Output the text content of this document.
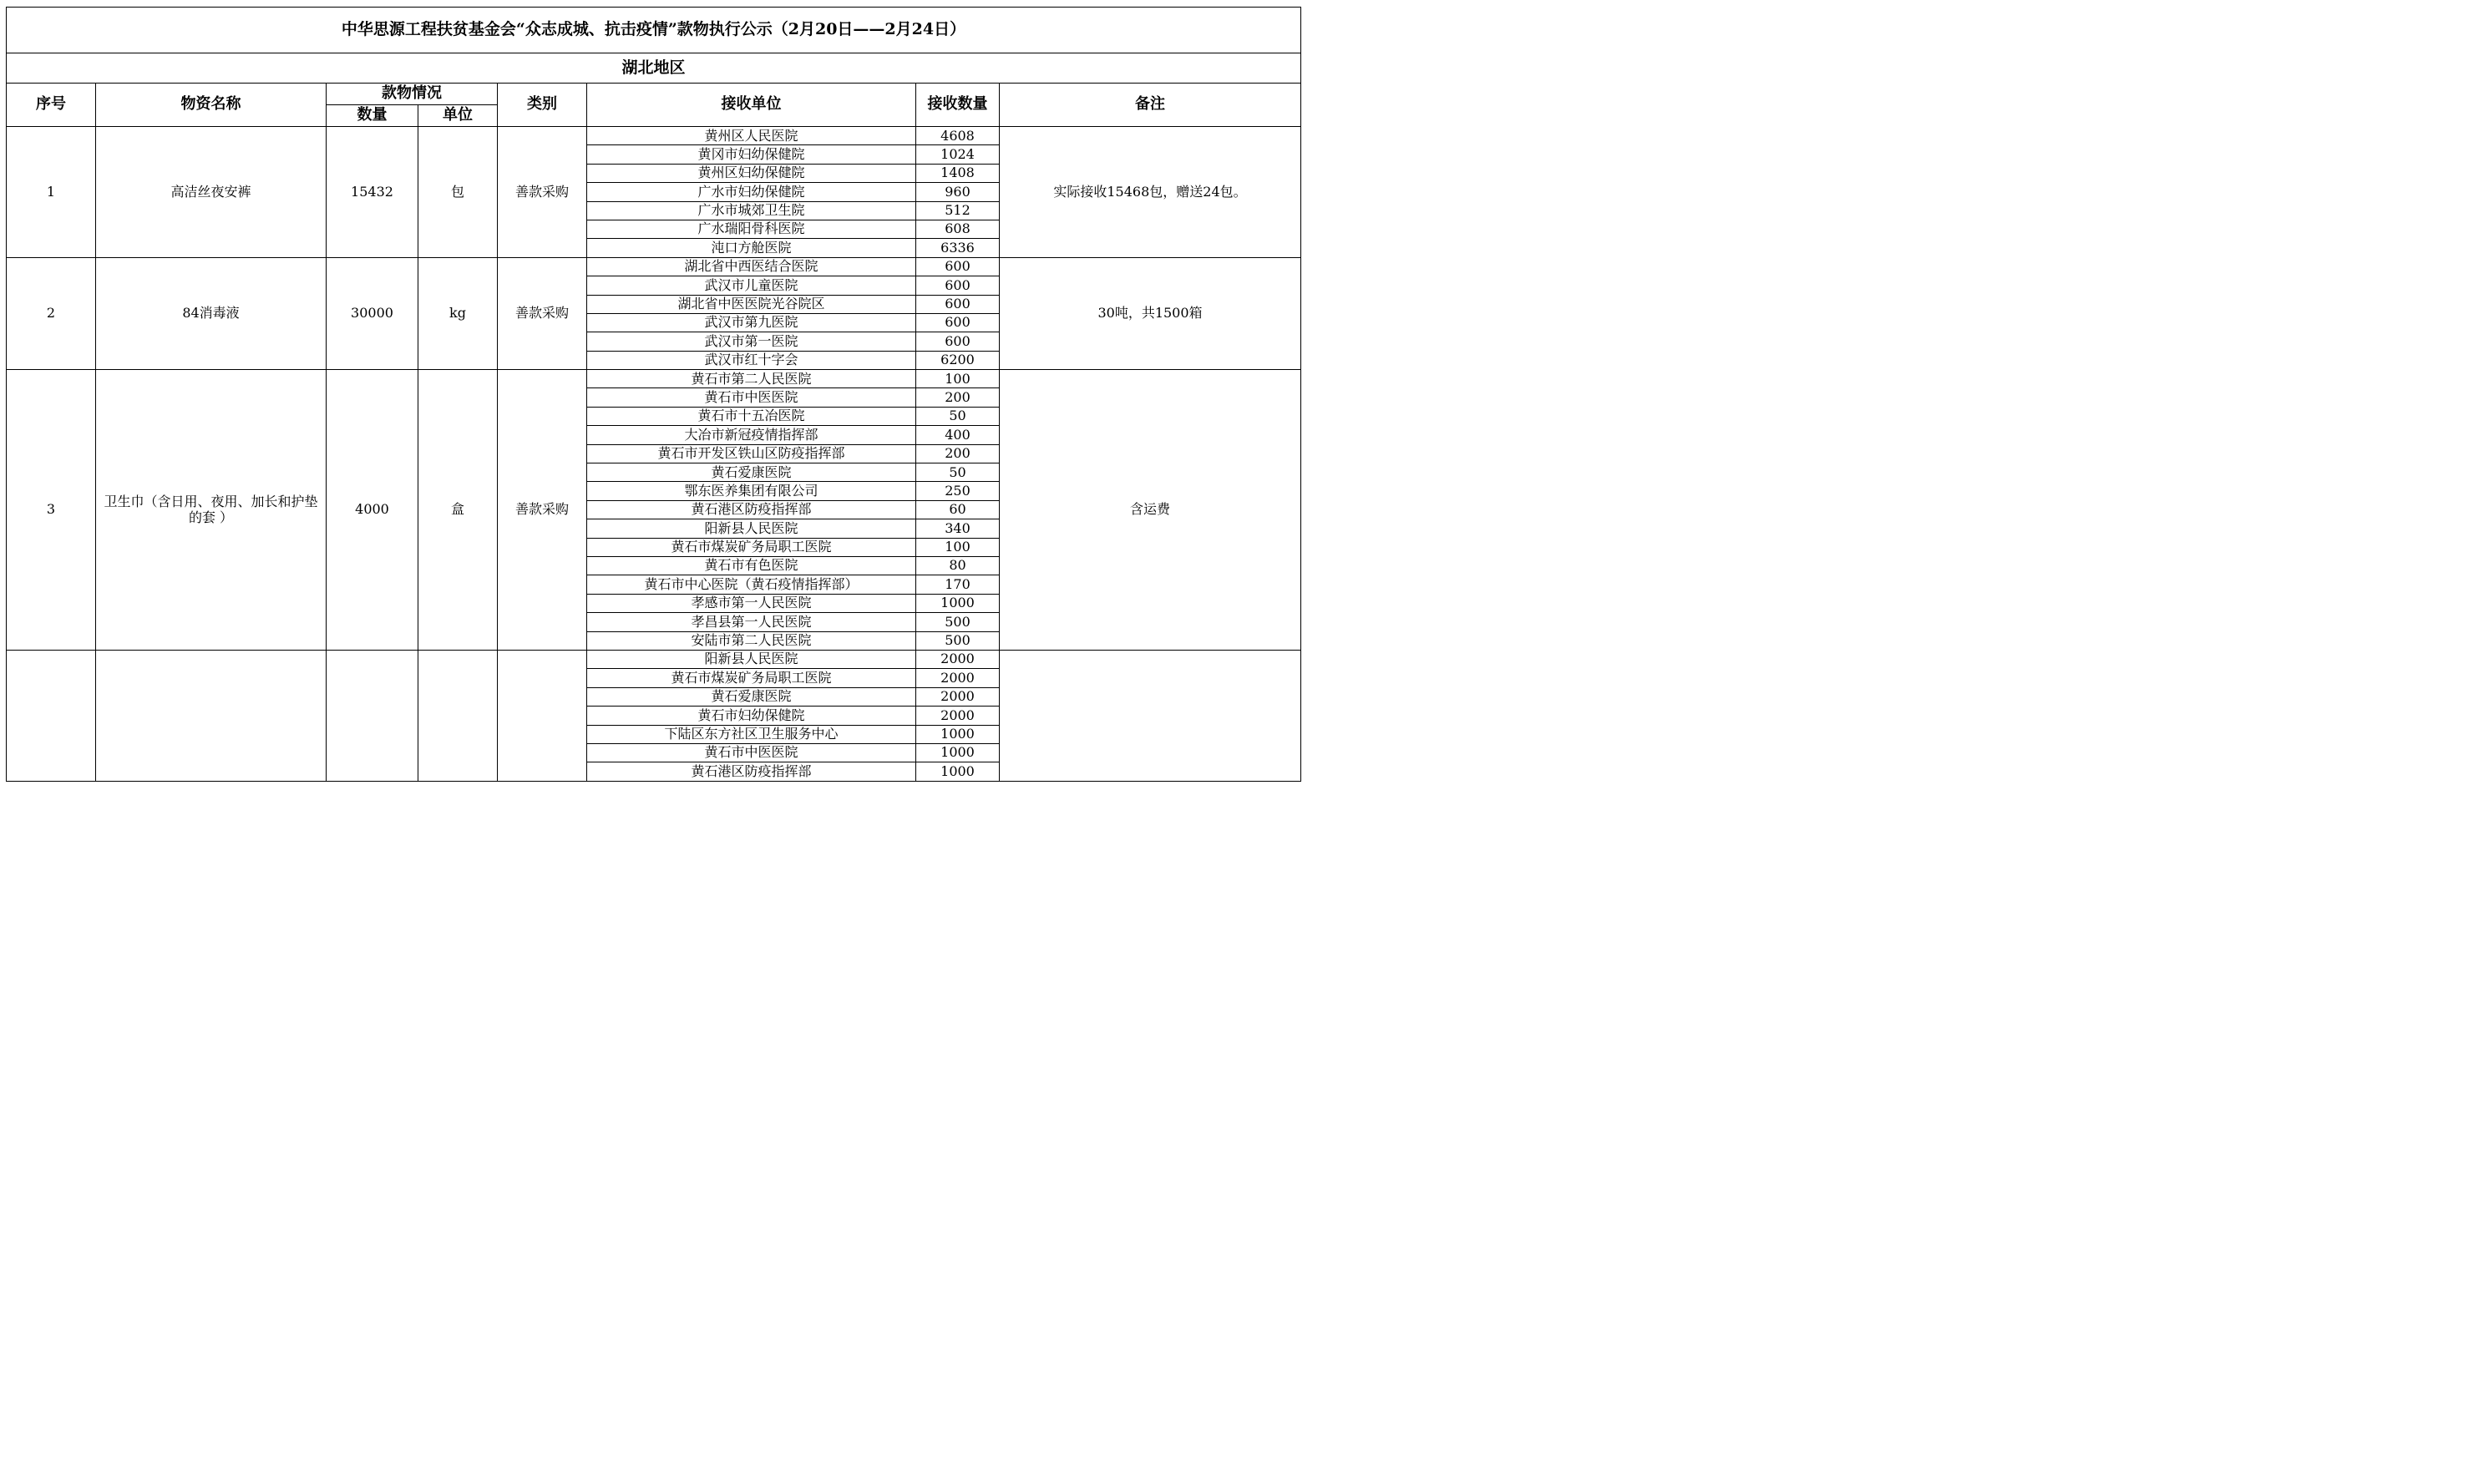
中华思源工程扶贫基金会“众志成城、抗击疫情”款物执行公示（2月20日——2月24日）							
湖北地区							
序号	物资名称	款物情况		类别	接收单位	接收数量	备注
		数量	单位				
1	高洁丝夜安裤	15432	包	善款采购	黄州区人民医院	4608	实际接收15468包，赠送24包。
					黄冈市妇幼保健院	1024	
					黄州区妇幼保健院	1408	
					广水市妇幼保健院	960	
					广水市城郊卫生院	512	
					广水瑞阳骨科医院	608	
					沌口方舱医院	6336	
2	84消毒液	30000	kg	善款采购	湖北省中西医结合医院	600	30吨，共1500箱
					武汉市儿童医院	600	
					湖北省中医医院光谷院区	600	
					武汉市第九医院	600	
					武汉市第一医院	600	
					武汉市红十字会	6200	
3	卫生巾（含日用、夜用、加长和护垫的套 ）	4000	盒	善款采购	黄石市第二人民医院	100	含运费
					黄石市中医医院	200	
					黄石市十五冶医院	50	
					大冶市新冠疫情指挥部	400	
					黄石市开发区铁山区防疫指挥部	200	
					黄石爱康医院	50	
					鄂东医养集团有限公司	250	
					黄石港区防疫指挥部	60	
					阳新县人民医院	340	
					黄石市煤炭矿务局职工医院	100	
					黄石市有色医院	80	
					黄石市中心医院（黄石疫情指挥部）	170	
					孝感市第一人民医院	1000	
					孝昌县第一人民医院	500	
					安陆市第二人民医院	500	
					阳新县人民医院	2000	
					黄石市煤炭矿务局职工医院	2000	
					黄石爱康医院	2000	
					黄石市妇幼保健院	2000	
					下陆区东方社区卫生服务中心	1000	
					黄石市中医医院	1000	
					黄石港区防疫指挥部	1000	
